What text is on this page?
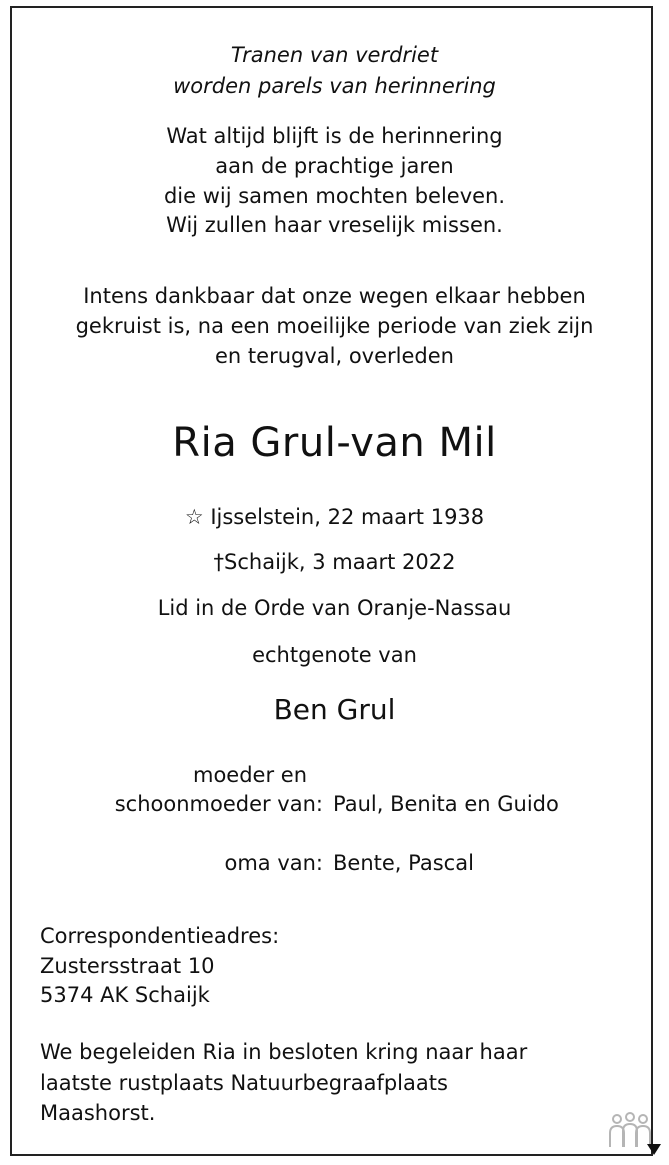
Tranen van verdriet
worden parels van herinnering
Wat altijd blijft is de herinnering
aan de prachtige jaren
die wij samen mochten beleven.
Wij zullen haar vreselijk missen.
Intens dankbaar dat onze wegen elkaar hebben
gekruist is, na een moeilijke periode van ziek zijn
en terugval, overleden
Ria Grul-van Mil
☆ Ijsselstein, 22 maart 1938
†Schaijk, 3 maart 2022
Lid in de Orde van Oranje-Nassau
echtgenote van
Ben Grul
moeder en
schoonmoeder van: Paul, Benita en Guido
oma van: Bente, Pascal
Correspondentieadres:
Zustersstraat 10
5374 AK Schaijk
We begeleiden Ria in besloten kring naar haar
laatste rustplaats Natuurbegraafplaats
Maashorst.
